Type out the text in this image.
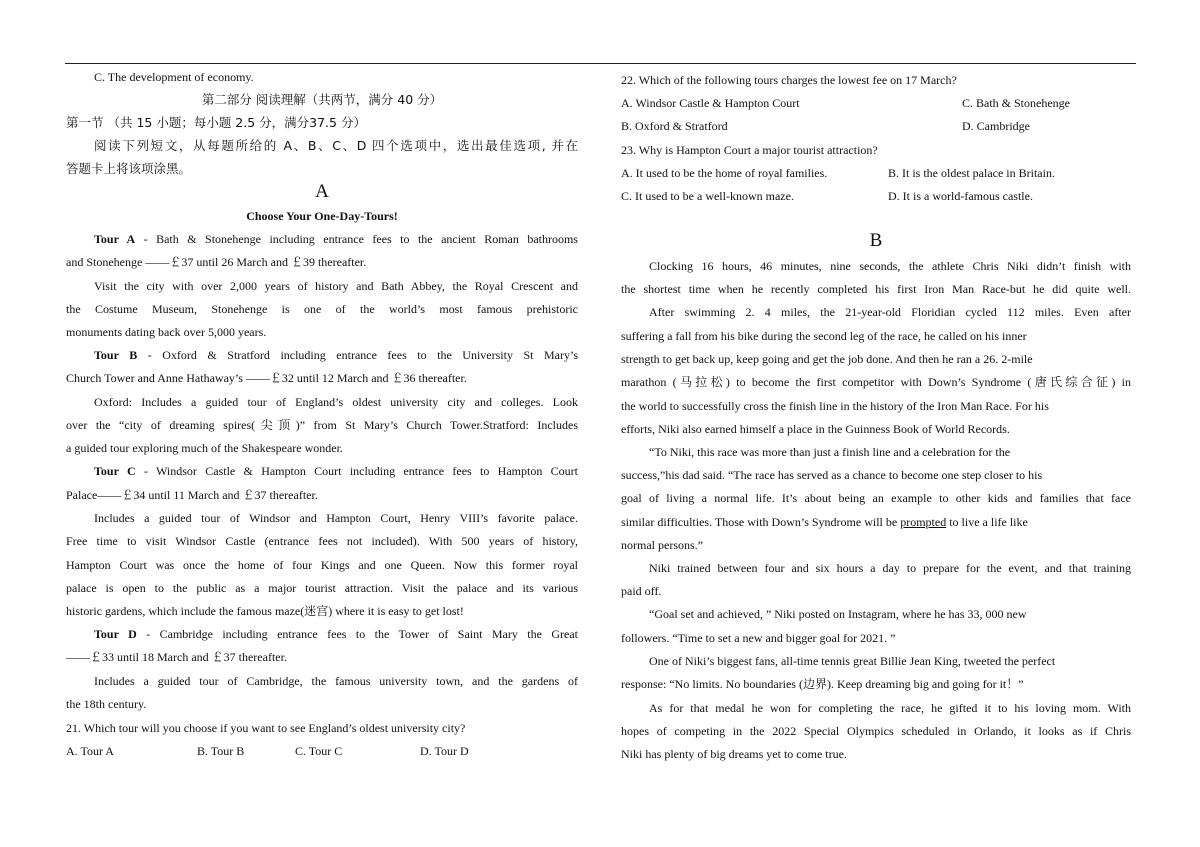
C. The development of economy.
第二部分 阅读理解（共两节，满分 40 分）
第一节 （共 15 小题；每小题 2.5 分，满分37.5 分）
阅读下列短文，从每题所给的 A、B、C、D 四个选项中，选出最佳选项, 并在
答题卡上将该项涂黑。
A
Choose Your One-Day-Tours!
Tour A - Bath & Stonehenge including entrance fees to the ancient Roman bathrooms
and Stonehenge ——￡37 until 26 March and ￡39 thereafter.
Visit the city with over 2,000 years of history and Bath Abbey, the Royal Crescent and
the Costume Museum, Stonehenge is one of the world’s most famous prehistoric
monuments dating back over 5,000 years.
Tour B - Oxford & Stratford including entrance fees to the University St Mary’s
Church Tower and Anne Hathaway’s ——￡32 until 12 March and ￡36 thereafter.
Oxford: Includes a guided tour of England’s oldest university city and colleges. Look
over the “city of dreaming spires(尖顶)” from St Mary’s Church Tower.Stratford: Includes
a guided tour exploring much of the Shakespeare wonder.
Tour C - Windsor Castle & Hampton Court including entrance fees to Hampton Court
Palace——￡34 until 11 March and ￡37 thereafter.
Includes a guided tour of Windsor and Hampton Court, Henry VIII’s favorite palace.
Free time to visit Windsor Castle (entrance fees not included). With 500 years of history,
Hampton Court was once the home of four Kings and one Queen. Now this former royal
palace is open to the public as a major tourist attraction. Visit the palace and its various
historic gardens, which include the famous maze(迷宫) where it is easy to get lost!
Tour D - Cambridge including entrance fees to the Tower of Saint Mary the Great
——￡33 until 18 March and ￡37 thereafter.
Includes a guided tour of Cambridge, the famous university town, and the gardens of
the 18th century.
21. Which tour will you choose if you want to see England’s oldest university city?
A. Tour A	B. Tour B	C. Tour C	D. Tour D
22. Which of the following tours charges the lowest fee on 17 March?
A. Windsor Castle & Hampton Court	C. Bath & Stonehenge
B. Oxford & Stratford	D. Cambridge
23. Why is Hampton Court a major tourist attraction?
A. It used to be the home of royal families.	B. It is the oldest palace in Britain.
C. It used to be a well-known maze.	D. It is a world-famous castle.
B
Clocking 16 hours, 46 minutes, nine seconds, the athlete Chris Niki didn’t finish with
the shortest time when he recently completed his first Iron Man Race-but he did quite well.
After swimming 2. 4 miles, the 21-year-old Floridian cycled 112 miles. Even after
suffering a fall from his bike during the second leg of the race, he called on his inner
strength to get back up, keep going and get the job done. And then he ran a 26. 2-mile
marathon (马拉松) to become the first competitor with Down’s Syndrome (唐氏综合征) in
the world to successfully cross the finish line in the history of the Iron Man Race. For his
efforts, Niki also earned himself a place in the Guinness Book of World Records.
“To Niki, this race was more than just a finish line and a celebration for the
success,”his dad said. “The race has served as a chance to become one step closer to his
goal of living a normal life. It’s about being an example to other kids and families that face
similar difficulties. Those with Down’s Syndrome will be prompted to live a life like
normal persons.”
Niki trained between four and six hours a day to prepare for the event, and that training
paid off.
“Goal set and achieved, ” Niki posted on Instagram, where he has 33, 000 new
followers. “Time to set a new and bigger goal for 2021. ”
One of Niki’s biggest fans, all-time tennis great Billie Jean King, tweeted the perfect
response: “No limits. No boundaries (边界). Keep dreaming big and going for it！”
As for that medal he won for completing the race, he gifted it to his loving mom. With
hopes of competing in the 2022 Special Olympics scheduled in Orlando, it looks as if Chris
Niki has plenty of big dreams yet to come true.
